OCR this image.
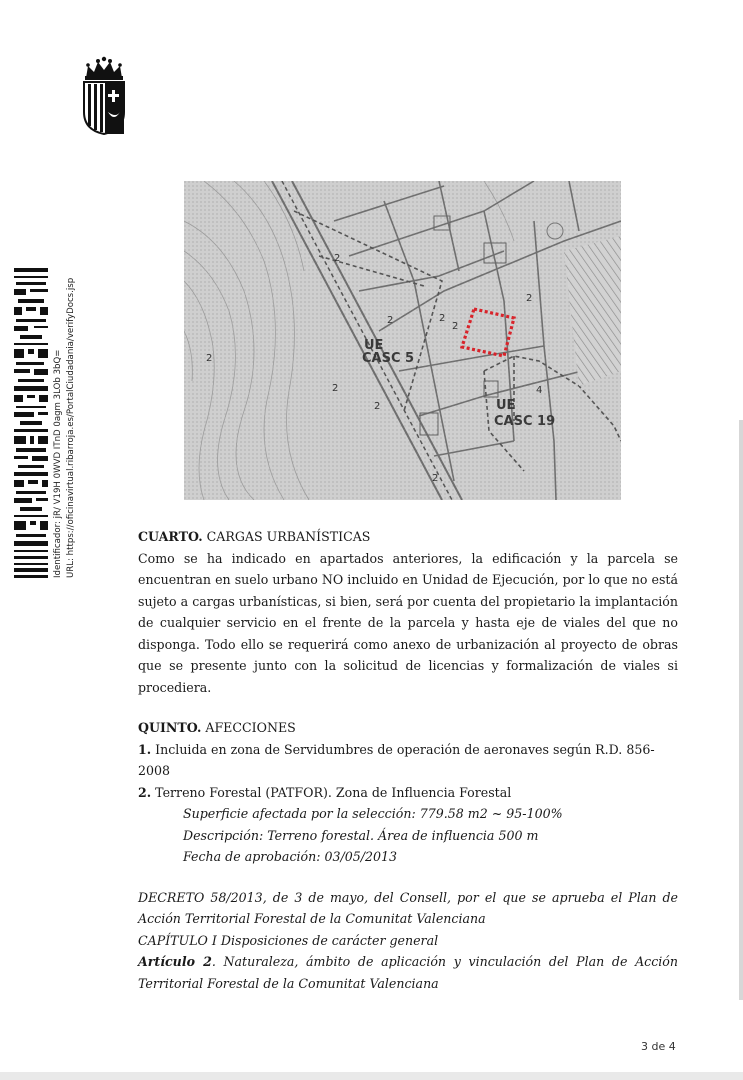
Identificador: jR/ V19H 0WVD ITnD 0agm 3LOb 3bQ= URL: https://oficinavirtual.ribarroja.es/PortalCiudadania/verifyDocs.jsp	UE
CASC 5
UE
CASC 19
2	2
2
2
2
2
2
2
4
2

CUARTO. CARGAS URBANÍSTICAS

Como se ha indicado en apartados anteriores, la edificación y la parcela se encuentran en suelo urbano NO incluido en Unidad de Ejecución, por lo que no está sujeto a cargas urbanísticas, si bien, será por cuenta del propietario la implantación de cualquier servicio en el frente de la parcela y hasta eje de viales del que no disponga. Todo ello se requerirá como anexo de urbanización al proyecto de obras que se presente junto con la solicitud de licencias y formalización de viales si procediera.

QUINTO. AFECCIONES

1. Incluida en zona de Servidumbres de operación de aeronaves según R.D. 856-2008

2. Terreno Forestal (PATFOR). Zona de Influencia Forestal

Superficie afectada por la selección: 779.58 m2 ~ 95-100%

Descripción: Terreno forestal. Área de influencia 500 m

Fecha de aprobación: 03/05/2013

DECRETO 58/2013, de 3 de mayo, del Consell, por el que se aprueba el Plan de Acción Territorial Forestal de la Comunitat Valenciana

CAPÍTULO I Disposiciones de carácter general

Artículo 2. Naturaleza, ámbito de aplicación y vinculación del Plan de Acción Territorial Forestal de la Comunitat Valenciana

3 de 4
